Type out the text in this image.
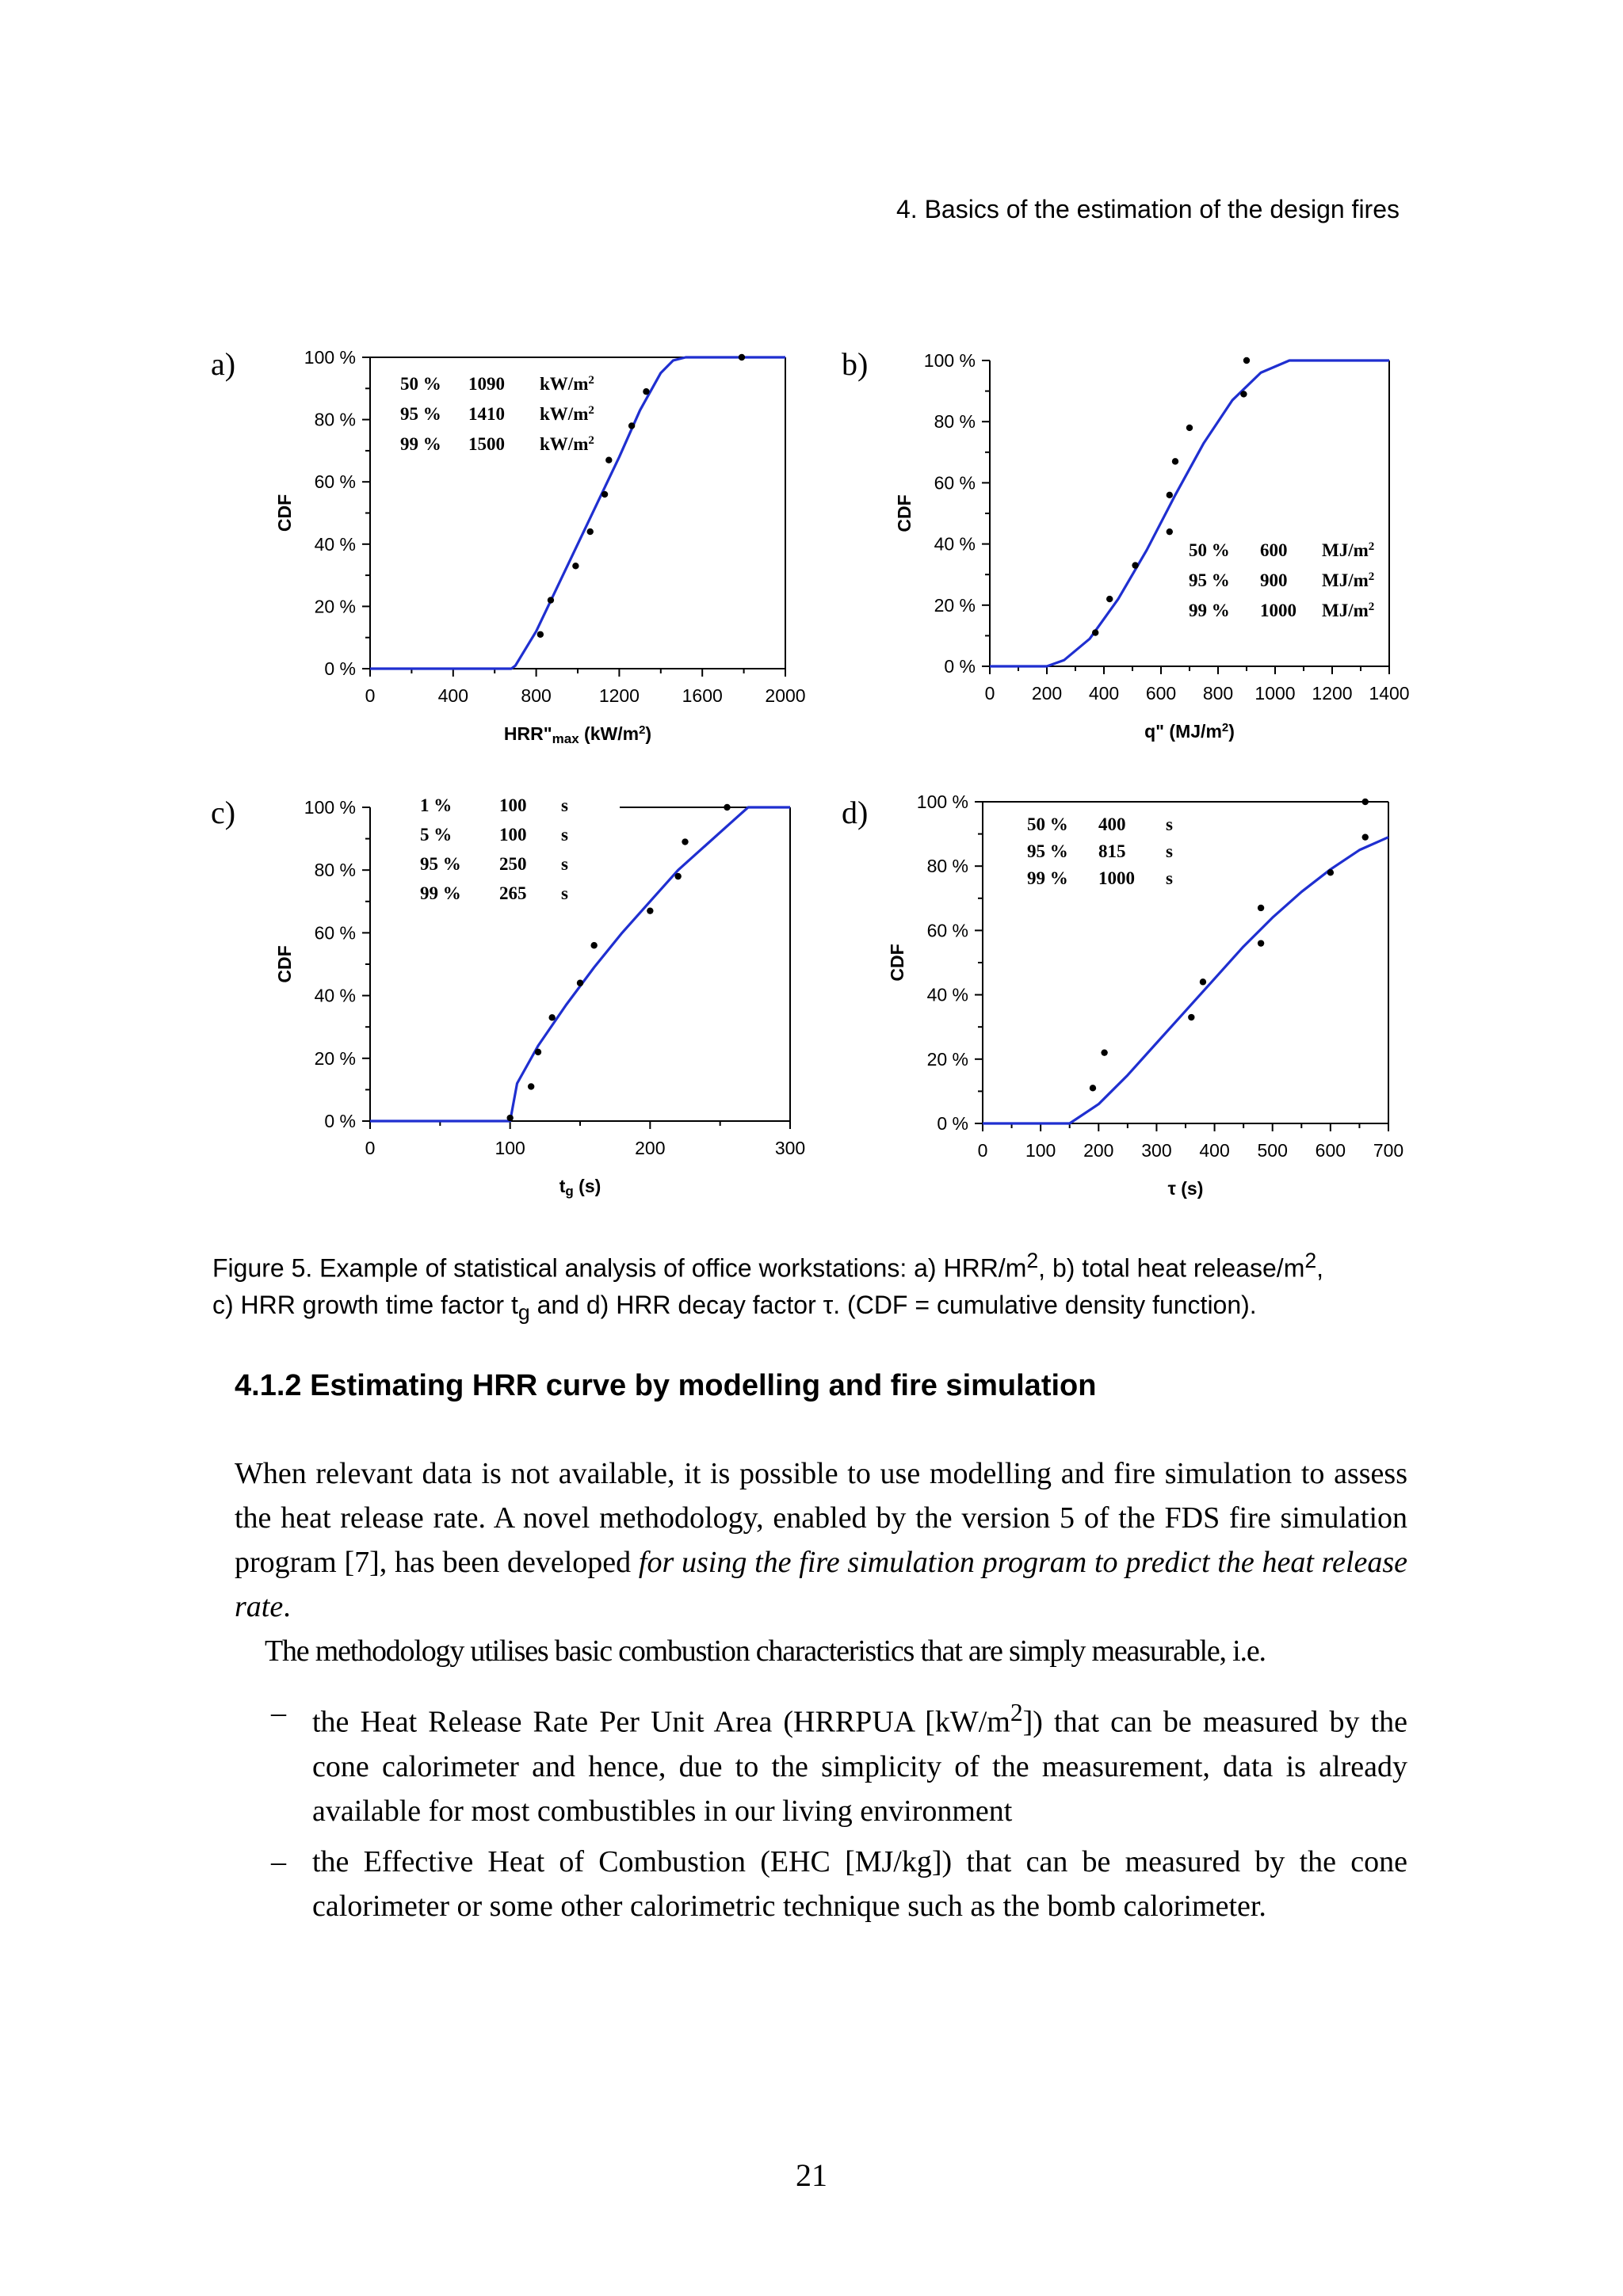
4. Basics of the estimation of the design fires
a)	b)
c)	d)
0 %
20 %
40 %
60 %
80 %
100 %
0	400	800	1200 1600 2000
CDF
HRR"max $(kW/m^2)$
50 % 1090 $kW/m^2$
95 % 1410 $kW/m^2$
99 % 1500 $kW/m^2$
0 %
20 %
40 %
60 %
80 %
100 %
0 200 400 600 800 1000 1200 1400
CDF
q" $(MJ/m^2)$
50 % 600 $MJ/m^2$
95 % 900 $MJ/m^2$
99 % 1000 $MJ/m^2$
0 %
20 %
40 %
60 %
80 %
100 %
0	100	200	300
CDF
tg (s)
1 %	100 s
5 %	100 s
95 % 250 s
99 % 265 s
0 %
20 %
40 %
60 %
80 %
100 %
0 100 200 300 400 500 600 700
CDF
τ (s)
50 % 400 s
95 % 815 s
99 % 1000 s
Figure 5. Example of statistical analysis of office workstations: a) HRR/$m^2$, b) total heat release/$m^2$,
c) HRR growth time factor $t_g$ and d) HRR decay factor τ. (CDF = cumulative density function).
4.1.2 Estimating HRR curve by modelling and fire simulation
When relevant data is not available, it is possible to use modelling and fire simulation to assess the heat release rate. A novel methodology, enabled by the version 5 of the FDS fire simulation program [7], has been developed for using the fire simulation program to predict the heat release rate.
The methodology utilises basic combustion characteristics that are simply measurable, i.e.
– the Heat Release Rate Per Unit Area (HRRPUA $[kW/m^2]$) that can be measured by the cone calorimeter and hence, due to the simplicity of the measurement, data is already available for most combustibles in our living environment
– the Effective Heat of Combustion (EHC [MJ/kg]) that can be measured by the cone calorimeter or some other calorimetric technique such as the bomb calorimeter.
21
